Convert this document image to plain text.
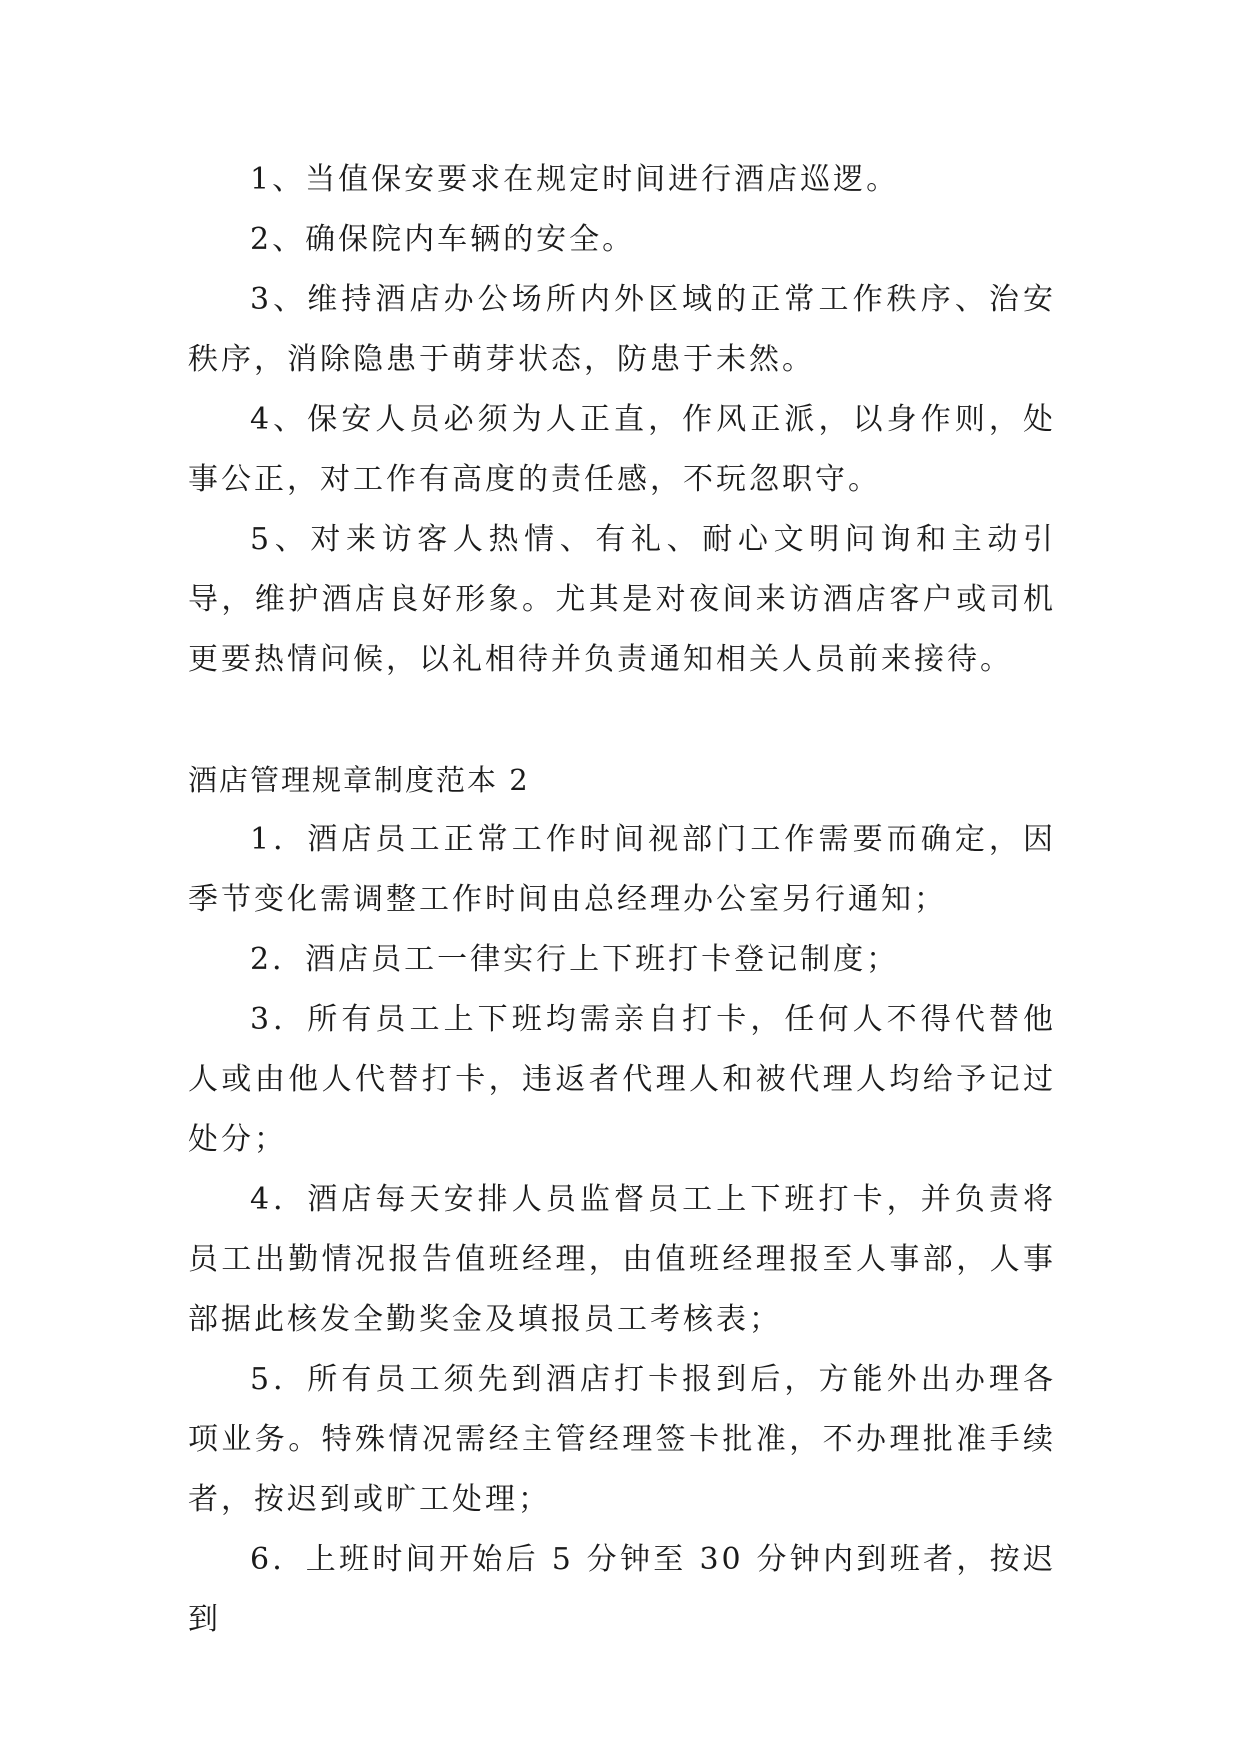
1、当值保安要求在规定时间进行酒店巡逻。

2、确保院内车辆的安全。

3、维持酒店办公场所内外区域的正常工作秩序、治安秩序，消除隐患于萌芽状态，防患于未然。

4、保安人员必须为人正直，作风正派，以身作则，处事公正，对工作有高度的责任感，不玩忽职守。

5、对来访客人热情、有礼、耐心文明问询和主动引导，维护酒店良好形象。尤其是对夜间来访酒店客户或司机更要热情问候，以礼相待并负责通知相关人员前来接待。

酒店管理规章制度范本 2

1．酒店员工正常工作时间视部门工作需要而确定，因季节变化需调整工作时间由总经理办公室另行通知；

2．酒店员工一律实行上下班打卡登记制度；

3．所有员工上下班均需亲自打卡，任何人不得代替他人或由他人代替打卡，违返者代理人和被代理人均给予记过处分；

4．酒店每天安排人员监督员工上下班打卡，并负责将员工出勤情况报告值班经理，由值班经理报至人事部，人事部据此核发全勤奖金及填报员工考核表；

5．所有员工须先到酒店打卡报到后，方能外出办理各项业务。特殊情况需经主管经理签卡批准，不办理批准手续者，按迟到或旷工处理；

6．上班时间开始后 5 分钟至 30 分钟内到班者，按迟到
